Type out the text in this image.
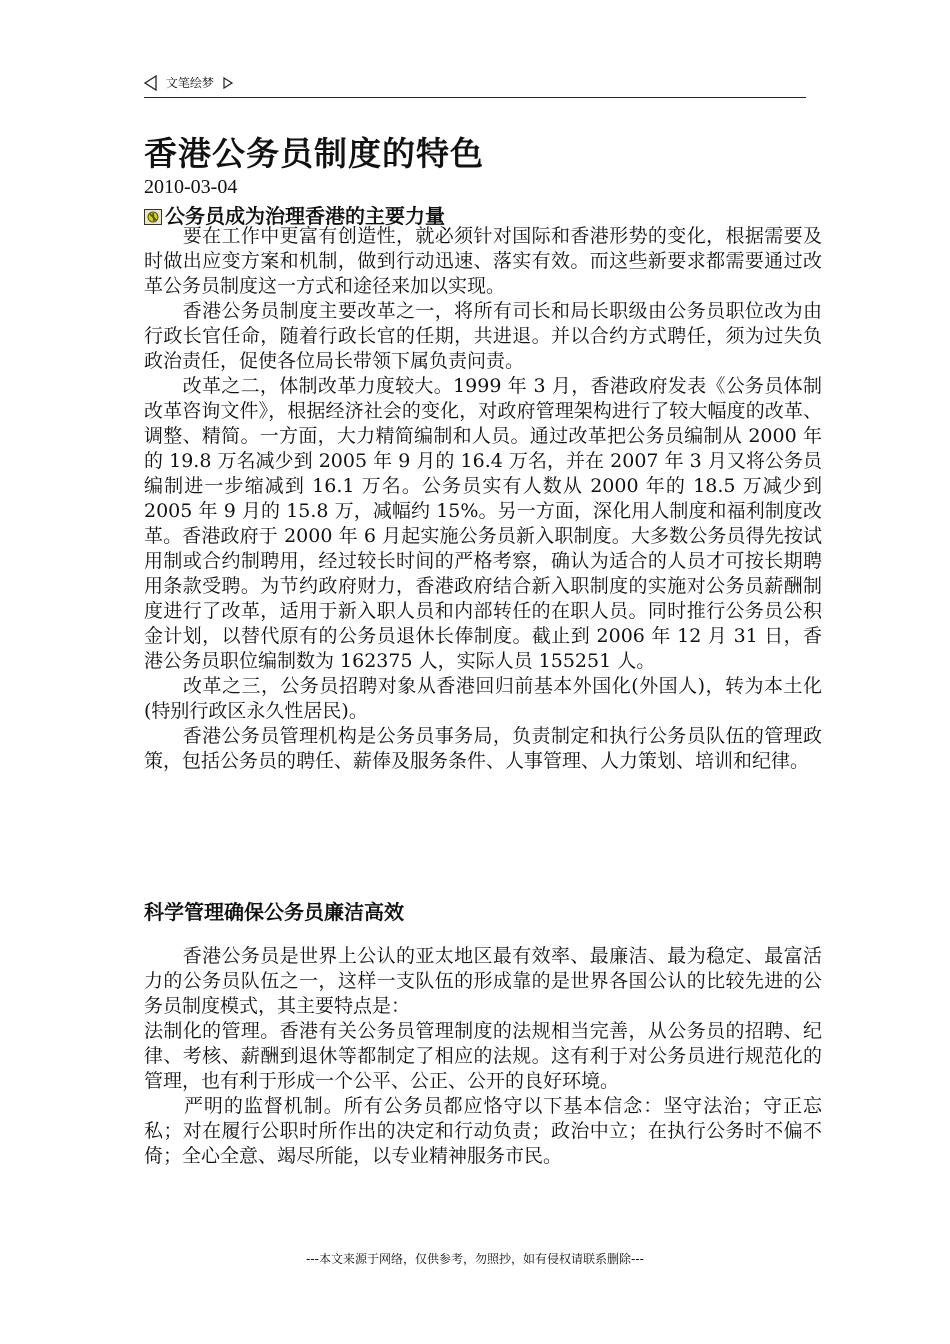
文笔绘梦
香港公务员制度的特色
2010-03-04
公务员成为治理香港的主要力量

　　要在工作中更富有创造性，就必须针对国际和香港形势的变化，根据需要及时做出应变方案和机制，做到行动迅速、落实有效。而这些新要求都需要通过改革公务员制度这一方式和途径来加以实现。

　　香港公务员制度主要改革之一，将所有司长和局长职级由公务员职位改为由行政长官任命，随着行政长官的任期，共进退。并以合约方式聘任，须为过失负政治责任，促使各位局长带领下属负责问责。

　　改革之二，体制改革力度较大。1999 年 3 月，香港政府发表《公务员体制改革咨询文件》，根据经济社会的变化，对政府管理架构进行了较大幅度的改革、调整、精简。一方面，大力精简编制和人员。通过改革把公务员编制从 2000 年的 19.8 万名减少到 2005 年 9 月的 16.4 万名，并在 2007 年 3 月又将公务员编制进一步缩减到 16.1 万名。公务员实有人数从 2000 年的 18.5 万减少到 2005 年 9 月的 15.8 万，减幅约 15%。另一方面，深化用人制度和福利制度改革。香港政府于 2000 年 6 月起实施公务员新入职制度。大多数公务员得先按试用制或合约制聘用，经过较长时间的严格考察，确认为适合的人员才可按长期聘用条款受聘。为节约政府财力，香港政府结合新入职制度的实施对公务员薪酬制度进行了改革，适用于新入职人员和内部转任的在职人员。同时推行公务员公积金计划，以替代原有的公务员退休长俸制度。截止到 2006 年 12 月 31 日，香港公务员职位编制数为 162375 人，实际人员 155251 人。

　　改革之三，公务员招聘对象从香港回归前基本外国化(外国人)，转为本土化(特别行政区永久性居民)。

　　香港公务员管理机构是公务员事务局，负责制定和执行公务员队伍的管理政策，包括公务员的聘任、薪俸及服务条件、人事管理、人力策划、培训和纪律。

科学管理确保公务员廉洁高效

　　香港公务员是世界上公认的亚太地区最有效率、最廉洁、最为稳定、最富活力的公务员队伍之一，这样一支队伍的形成靠的是世界各国公认的比较先进的公务员制度模式，其主要特点是：

法制化的管理。香港有关公务员管理制度的法规相当完善，从公务员的招聘、纪律、考核、薪酬到退休等都制定了相应的法规。这有利于对公务员进行规范化的管理，也有利于形成一个公平、公正、公开的良好环境。

　　严明的监督机制。所有公务员都应恪守以下基本信念：坚守法治；守正忘私；对在履行公职时所作出的决定和行动负责；政治中立；在执行公务时不偏不倚；全心全意、竭尽所能，以专业精神服务市民。

---本文来源于网络，仅供参考，勿照抄，如有侵权请联系删除---
